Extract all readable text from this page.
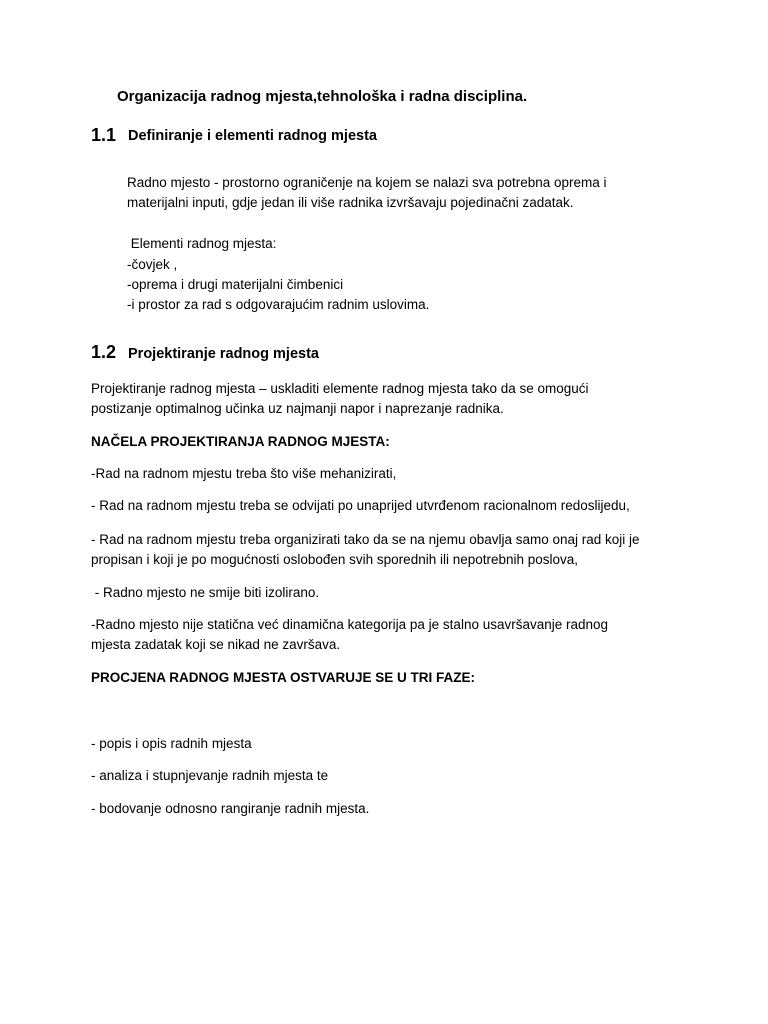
Organizacija radnog mjesta,tehnološka i radna disciplina.

1.1 Definiranje i elementi radnog mjesta

Radno mjesto - prostorno ograničenje na kojem se nalazi sva potrebna oprema i

materijalni inputi, gdje jedan ili više radnika izvršavaju pojedinačni zadatak.

Elementi radnog mjesta:

-čovjek ,

-oprema i drugi materijalni čimbenici

-i prostor za rad s odgovarajućim radnim uslovima.

1.2 Projektiranje radnog mjesta

Projektiranje radnog mjesta – uskladiti elemente radnog mjesta tako da se omogući

postizanje optimalnog učinka uz najmanji napor i naprezanje radnika.

NAČELA PROJEKTIRANJA RADNOG MJESTA:

-Rad na radnom mjestu treba što više mehanizirati,

- Rad na radnom mjestu treba se odvijati po unaprijed utvrđenom racionalnom redoslijedu,

- Rad na radnom mjestu treba organizirati tako da se na njemu obavlja samo onaj rad koji je

propisan i koji je po mogućnosti oslobođen svih sporednih ili nepotrebnih poslova,

- Radno mjesto ne smije biti izolirano.

-Radno mjesto nije statična već dinamična kategorija pa je stalno usavršavanje radnog

mjesta zadatak koji se nikad ne završava.

PROCJENA RADNOG MJESTA OSTVARUJE SE U TRI FAZE:

- popis i opis radnih mjesta

- analiza i stupnjevanje radnih mjesta te

- bodovanje odnosno rangiranje radnih mjesta.
